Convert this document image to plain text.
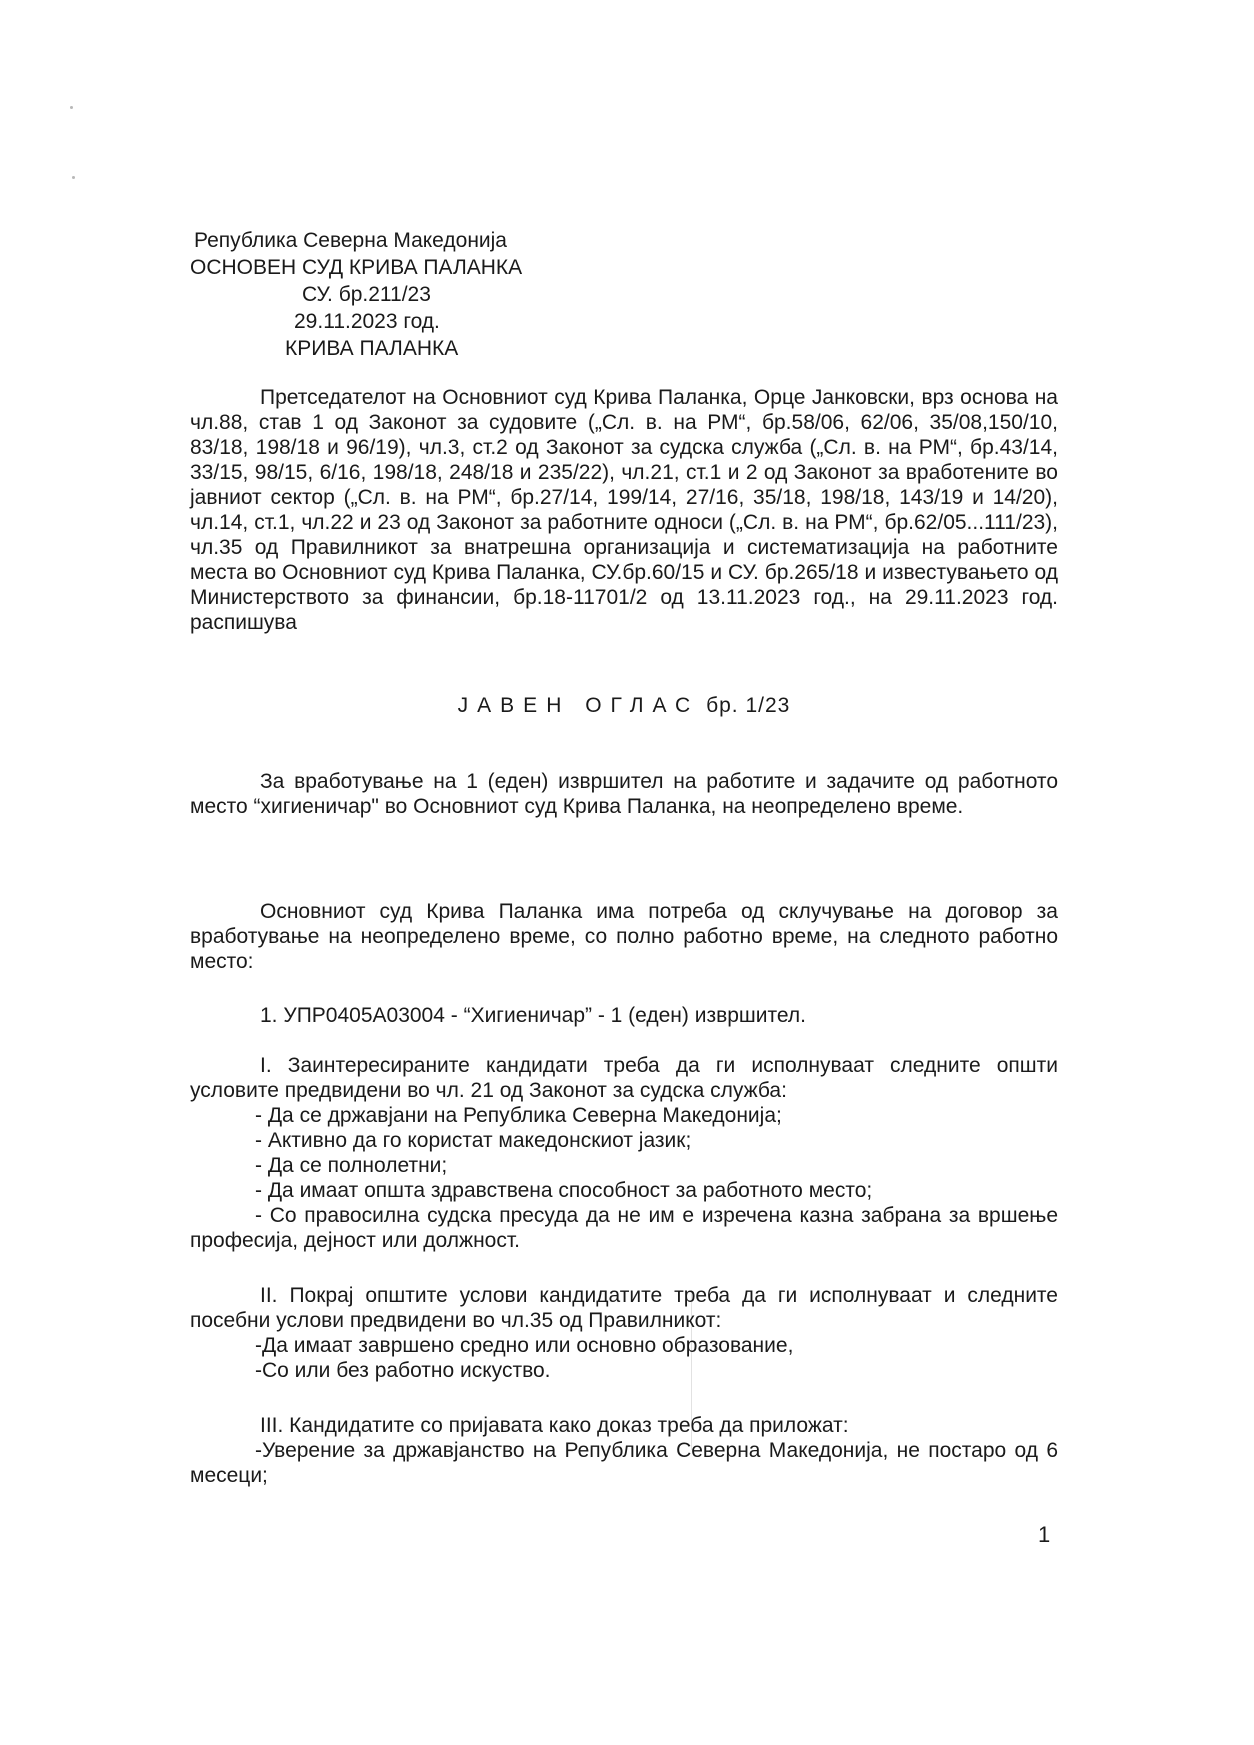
Република Северна Македонија
ОСНОВЕН СУД КРИВА ПАЛАНКА
СУ. бр.211/23
29.11.2023 год.
КРИВА ПАЛАНКА
Претседателот на Основниот суд Крива Паланка, Орце Јанковски, врз основа на чл.88, став 1 од Законот за судовите („Сл. в. на РМ“, бр.58/06, 62/06, 35/08,150/10, 83/18, 198/18 и 96/19), чл.3, ст.2 од Законот за судска служба („Сл. в. на РМ“, бр.43/14, 33/15, 98/15, 6/16, 198/18, 248/18 и 235/22), чл.21, ст.1 и 2 од Законот за вработените во јавниот сектор („Сл. в. на РМ“, бр.27/14, 199/14, 27/16, 35/18, 198/18, 143/19 и 14/20), чл.14, ст.1, чл.22 и 23 од Законот за работните односи („Сл. в. на РМ“, бр.62/05...111/23), чл.35 од Правилникот за внатрешна организација и систематизација на работните места во Основниот суд Крива Паланка, СУ.бр.60/15 и СУ. бр.265/18 и известувањето од Министерството за финансии, бр.18-11701/2 од 13.11.2023 год., на 29.11.2023 год. распишува
ЈАВЕН ОГЛАС бр. 1/23
За вработување на 1 (еден) извршител на работите и задачите од работното место “хигиеничар" во Основниот суд Крива Паланка, на неопределено време.
Основниот суд Крива Паланка има потреба од склучување на договор за вработување на неопределено време, со полно работно време, на следното работно место:
1. УПР0405А03004 - “Хигиеничар” - 1 (еден) извршител.
I. Заинтересираните кандидати треба да ги исполнуваат следните општи условите предвидени во чл. 21 од Законот за судска служба:
- Да се државјани на Република Северна Македонија;
- Активно да го користат македонскиот јазик;
- Да се полнолетни;
- Да имаат општа здравствена способност за работното место;
- Со правосилна судска пресуда да не им е изречена казна забрана за вршење професија, дејност или должност.
II. Покрај општите услови кандидатите треба да ги исполнуваат и следните посебни услови предвидени во чл.35 од Правилникот:
-Да имаат завршено средно или основно образование,
-Со или без работно искуство.
III. Кандидатите со пријавата како доказ треба да приложат:
-Уверение за државјанство на Република Северна Македонија, не постаро од 6 месеци;
1
